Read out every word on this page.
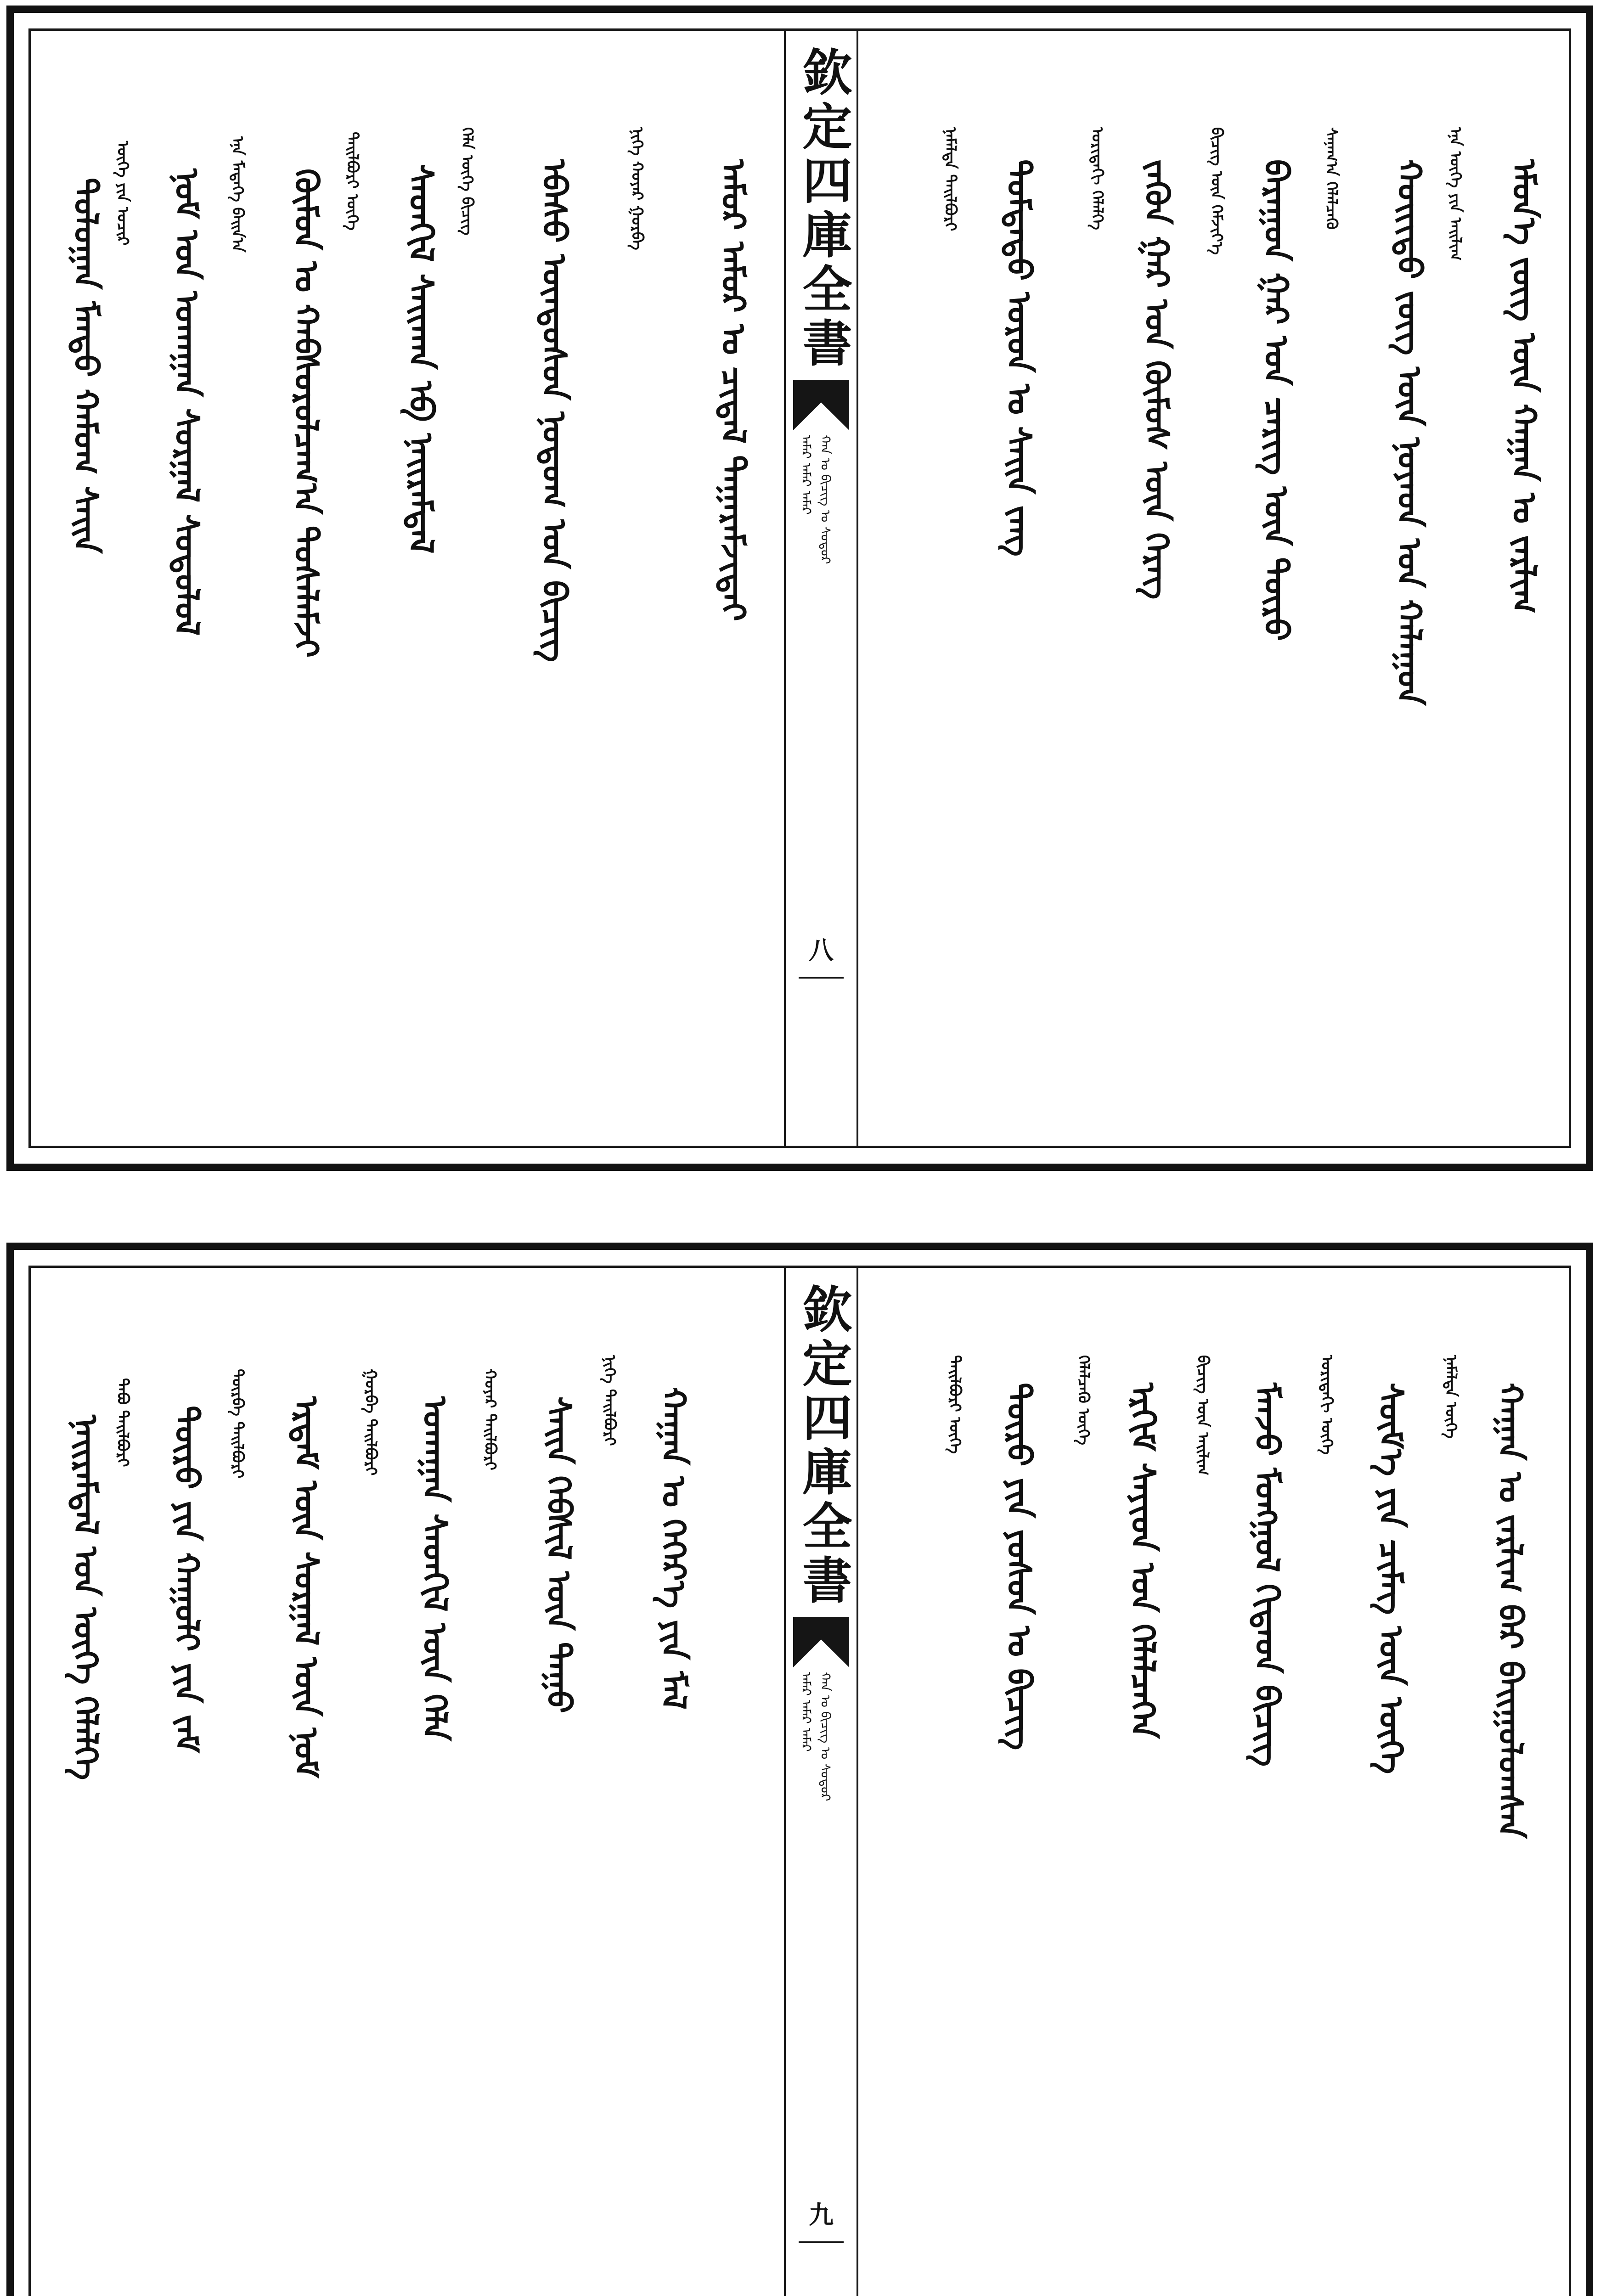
ᠠᠮᠤᠷ ᠠᠮᠤᠷ ᠤ ᠴᠢᠳᠠᠯ ᠲᠠᠭᠠᠷᠠᠮᠵᠢᠲᠠᠢ
ᠨᠢᠭᠡ ᠬᠣᠶᠠᠷ ᠭᠤᠷᠪᠠ
ᠡᠪᠡᠰᠦ ᠦᠨᠳᠦᠰᠦᠨ ᠨᠤᠲᠤᠭ ᠤᠨ ᠪᠢᠴᠢᠭ
ᠬᠡᠯᠡ ᠦᠭᠡ ᠪᠢᠴᠢᠭ
ᠰᠡᠳᠭᠢᠯ ᠰᠠᠢᠬᠠᠨ ᠡᠪ ᠨᠠᠢᠷᠠᠮᠳᠠᠯ
ᠲᠠᠢᠯᠪᠤᠷᠢ ᠦᠭᠡ
ᠬᠦᠮᠦᠨ ᠤ ᠬᠠᠪᠰᠤᠷᠤᠯᠴᠠᠭ᠎ᠠ ᠲᠤᠰᠠᠯᠠᠮᠵᠢ
ᠡᠨᠡ ᠮᠡᠳᠡᠭᠡ ᠪᠠᠢᠨ᠎ᠠ
ᠨᠣᠮ ᠤᠨ ᠤᠬᠠᠭᠠᠨ ᠰᠤᠷᠭᠠᠯ ᠰᠤᠳᠤᠯᠤᠯ
ᠦᠭᠡ ᠶᠢᠨ ᠤᠴᠢᠷ
ᠳᠣᠯᠤᠭᠠᠨ ᠮᠡᠨᠳᠦ ᠬᠠᠮᠤᠭ ᠰᠠᠢᠨ	欽定四庫全書
ᠠᠮᠠᠷ ᠠᠮᠠᠷ ᠠᠮᠠᠷ ᠬᠠᠨ ᠤ ᠪᠢᠴᠢᠭ ᠤ ᠰᠤᠳᠤᠷ
八
ᠡᠮᠦᠨ᠎ᠡ ᠵᠦᠭ ᠦᠨ ᠬᠠᠭᠠᠨ ᠤ ᠵᠠᠷᠯᠢᠭ
ᠡᠨᠡ ᠦᠭᠡ ᠶᠢᠨ ᠠᠢᠯᠢᠭ
ᠬᠣᠢᠢᠲᠤ ᠵᠦᠭ ᠦᠨ ᠨᠣᠶᠠᠳ ᠤᠨ ᠬᠠᠯᠠᠭᠤᠨ
ᠰᠠᠨᠠᠭ᠎ᠠ ᠬᠡᠯᠡᠯᠴᠡᠬᠦ
ᠪᠠᠷᠠᠭᠤᠨ ᠭᠠᠷ ᠤᠨ ᠴᠡᠷᠢᠭ ᠦᠨ ᠲᠥᠷᠦ
ᠪᠢᠴᠢᠭ ᠦᠨ ᠬᠡᠮᠵᠢᠶ᠎ᠡ
ᠵᠡᠭᠦᠨ ᠭᠠᠷ ᠤᠨ ᠬᠦᠮᠦᠰ ᠦᠨ ᠬᠡᠷᠡᠭ
ᠤᠷᠢᠳᠠᠬᠢ ᠬᠡᠯᠡᠯᠭᠡ
ᠳᠤᠮᠳᠠᠳᠤ ᠣᠷᠣᠨ ᠤ ᠰᠠᠢᠨ ᠵᠠᠩ
ᠨᠡᠮᠡᠯᠲᠡ ᠲᠠᠢᠯᠪᠤᠷᠢ
ᠬᠠᠭᠠᠨ ᠤ ᠬᠡᠭᠡᠷ᠎ᠡ ᠶᠢᠨ ᠮᠠᠯ
ᠨᠢᠭᠡ ᠲᠠᠢᠯᠪᠤᠷᠢ
ᠰᠠᠢᠨ ᠬᠡᠪᠰᠢᠯ ᠦᠨ ᠳᠠᠭᠤ
ᠬᠣᠶᠠᠷ ᠲᠠᠢᠯᠪᠤᠷᠢ
ᠤᠬᠠᠭᠠᠨ ᠰᠡᠳᠬᠢᠯ ᠦᠨ ᠬᠡᠯᠡ
ᠭᠤᠷᠪᠠ ᠲᠠᠢᠯᠪᠤᠷᠢ
ᠡᠷᠳᠡᠮ ᠦᠨ ᠰᠤᠷᠭᠠᠯ ᠦᠨ ᠨᠣᠮ
ᠳᠥᠷᠪᠡ ᠲᠠᠢᠯᠪᠤᠷᠢ
ᠲᠦᠷᠦ ᠶᠢᠨ ᠬᠠᠭᠤᠯᠢ ᠶᠢᠨ ᠵᠠᠮ
ᠲᠠᠪᠤ ᠲᠠᠢᠯᠪᠤᠷᠢ
ᠨᠠᠢᠷᠠᠮᠳᠠᠯ ᠤᠨ ᠦᠭᠡ ᠬᠡᠯᠡᠯᠭᠡ	欽定四庫全書
ᠠᠮᠠᠷ ᠠᠮᠠᠷ ᠠᠮᠠᠷ ᠬᠠᠨ ᠤ ᠪᠢᠴᠢᠭ ᠤ ᠰᠤᠳᠤᠷ
九
ᠬᠠᠭᠠᠨ ᠤ ᠵᠠᠷᠯᠢᠭ ᠪᠠᠷ ᠪᠠᠢᠭᠤᠯᠤᠭᠰᠠᠨ
ᠨᠡᠮᠡᠯᠲᠡ ᠦᠭᠡ
ᠰᠦᠮ᠎ᠡ ᠶᠢᠨ ᠴᠢᠮᠡᠭ ᠦᠨ ᠦᠭᠡ
ᠤᠷᠢᠳᠠᠬᠢ ᠦᠭᠡ
ᠮᠠᠨᠵᠤ ᠮᠣᠩᠭᠤᠯ ᠬᠢᠲᠠᠳ ᠪᠢᠴᠢᠭ
ᠪᠢᠴᠢᠭ ᠦᠨ ᠠᠢᠯᠢᠭ
ᠡᠷᠬᠢᠮ ᠰᠠᠶᠢᠳ ᠤᠨ ᠬᠡᠯᠡᠯᠴᠡᠭᠡᠨ
ᠬᠡᠯᠡᠯᠴᠡᠬᠦ ᠦᠭᠡ
ᠲᠥᠷᠥ ᠶᠢᠨ ᠶᠣᠰᠤᠨ ᠤ ᠪᠢᠴᠢᠭ
ᠲᠠᠢᠯᠪᠤᠷᠢ ᠦᠭᠡ
